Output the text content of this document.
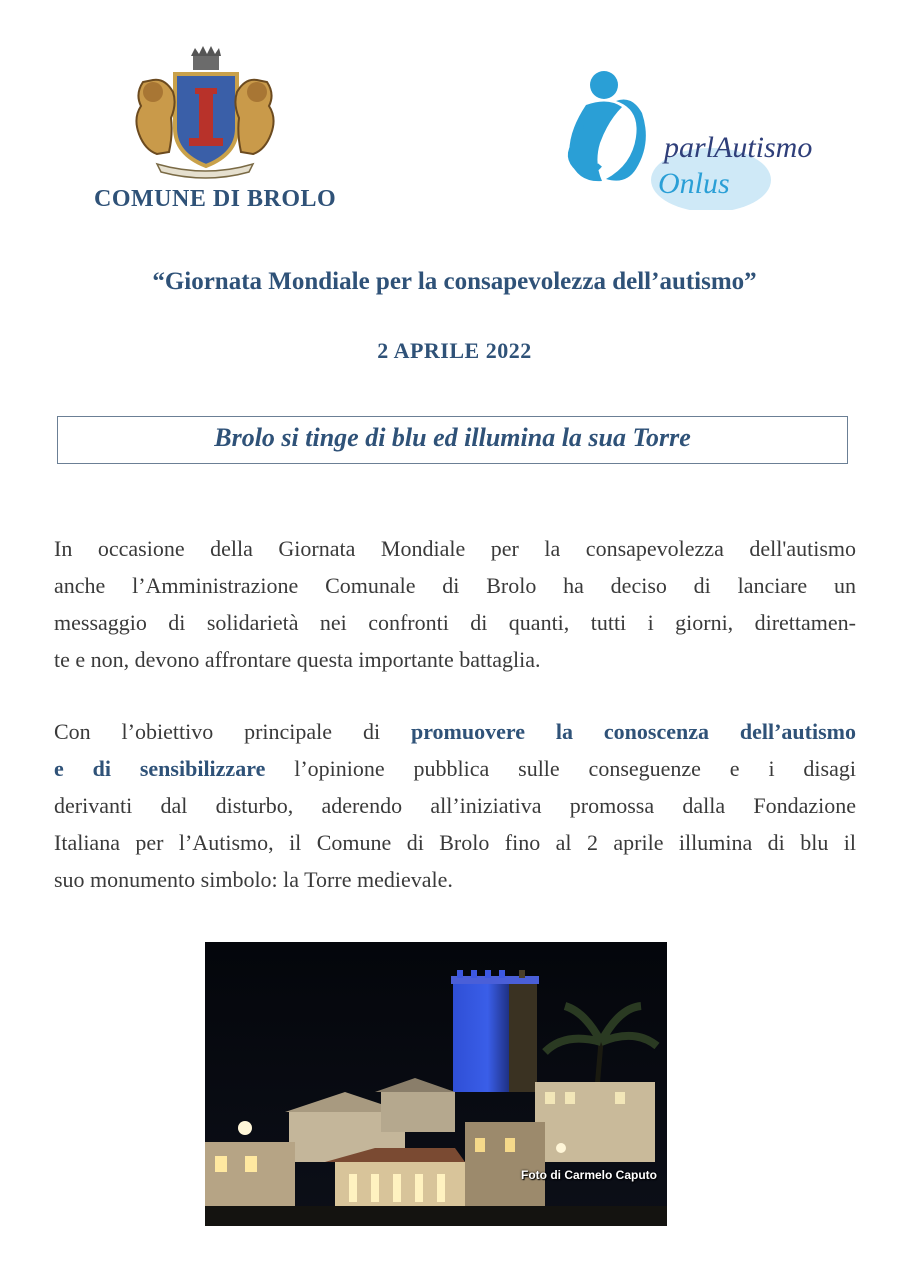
COMUNE DI BROLO
parl Autismo
Onlus
“Giornata Mondiale per la consapevolezza dell’autismo”
2 APRILE 2022
Brolo si tinge di blu ed illumina la sua Torre
In occasione della Giornata Mondiale per la consapevolezza dell'autismo
anche l’Amministrazione Comunale di Brolo ha deciso di lanciare un
messaggio di solidarietà nei confronti di quanti, tutti i giorni, direttamen-
te e non, devono affrontare questa importante battaglia.
Con l’obiettivo principale di promuovere la conoscenza dell’autismo
e di sensibilizzare l’opinione pubblica sulle conseguenze e i disagi
derivanti dal disturbo, aderendo all’iniziativa promossa dalla Fondazione
Italiana per l’Autismo, il Comune di Brolo fino al 2 aprile illumina di blu il
suo monumento simbolo: la Torre medievale.
Foto di Carmelo Caputo
